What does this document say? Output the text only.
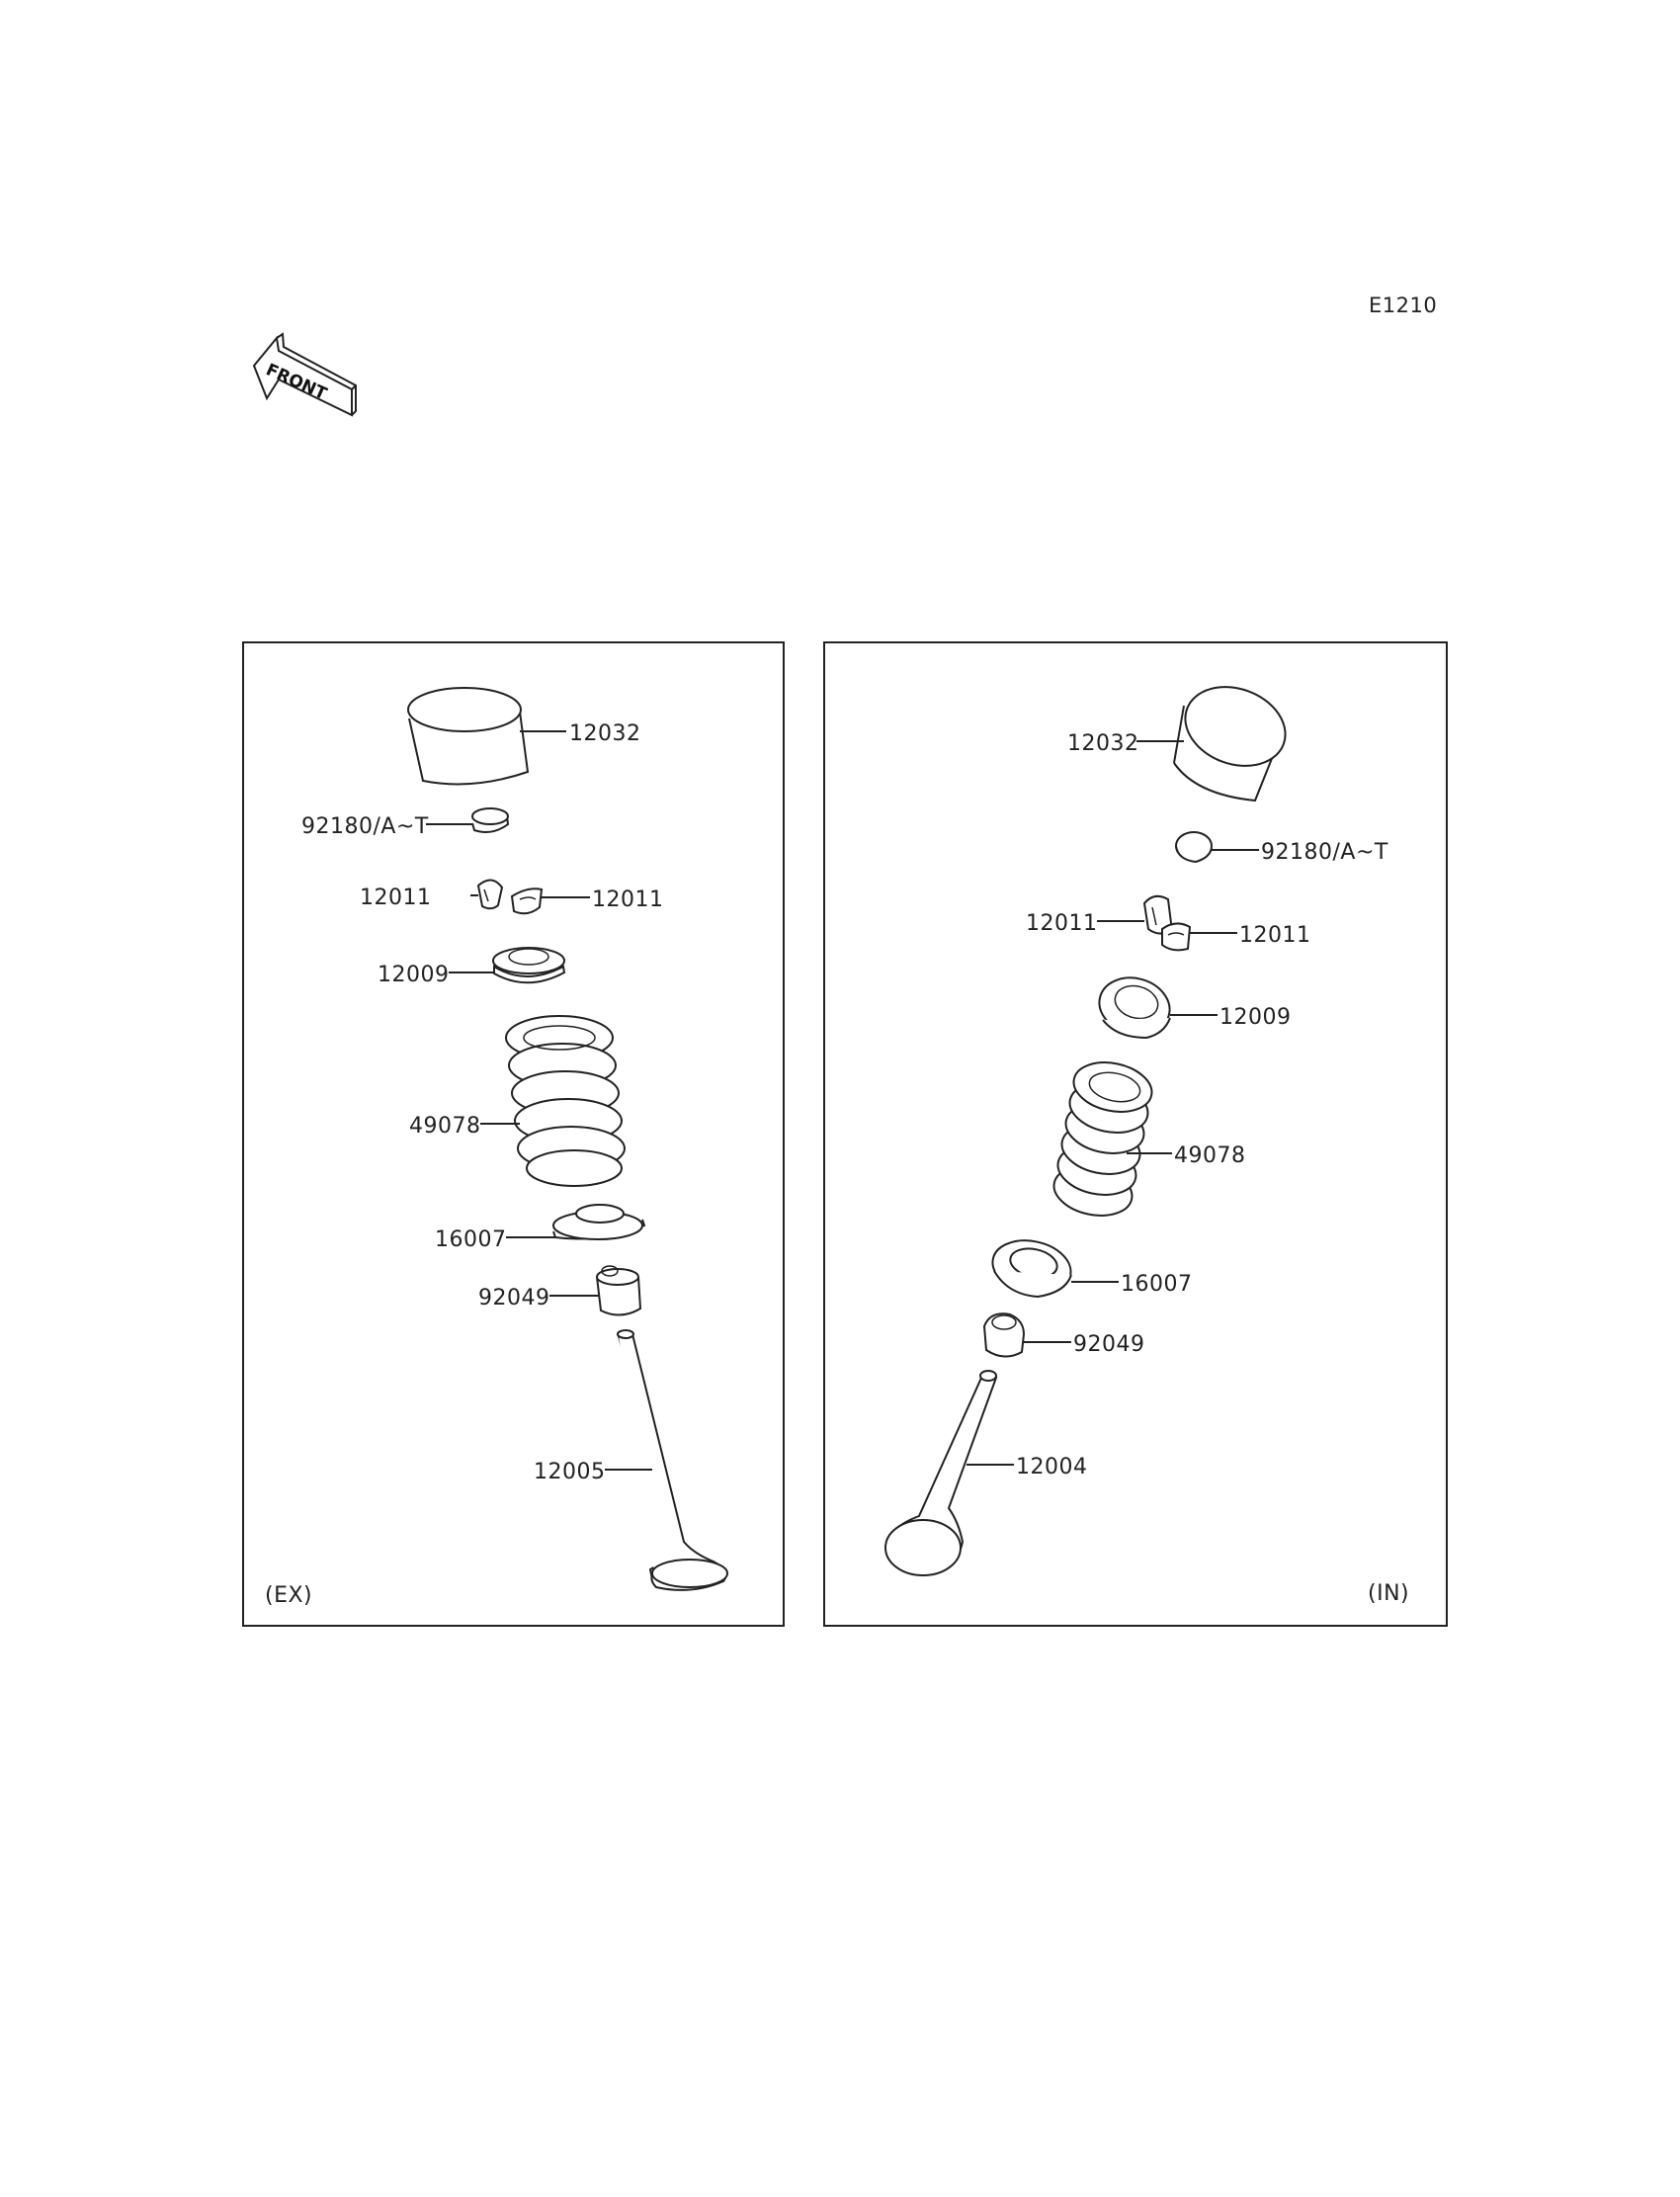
E1210
FRONT
12032
92180/A~T
12011	12011
12009
49078
16007
92049
12005
(EX)
12032
92180/A~T
12011	12011
12009
49078
16007
92049
12004
(IN)
